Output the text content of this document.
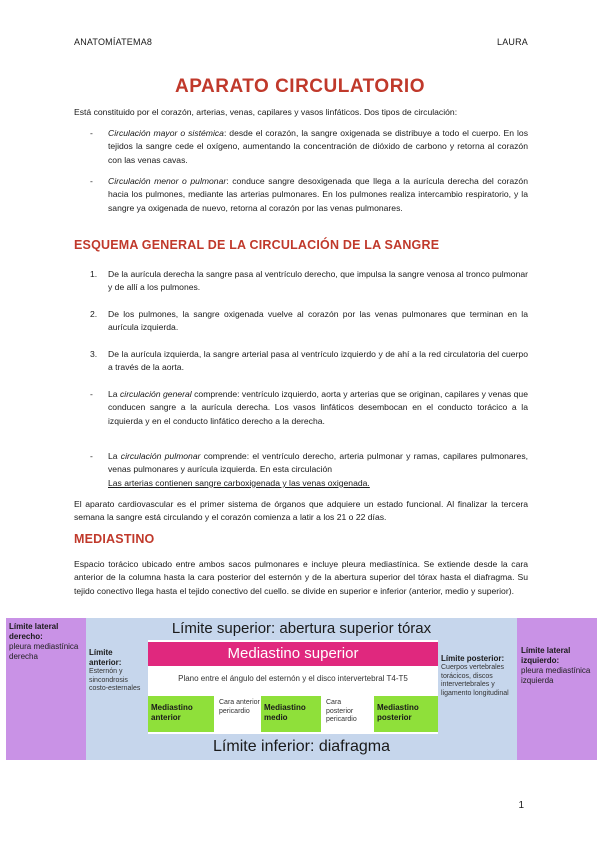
ANATOMÍATEMA8	LAURA
APARATO CIRCULATORIO
Está constituido por el corazón, arterias, venas, capilares y vasos linfáticos. Dos tipos de circulación:
-	Circulación mayor o sistémica: desde el corazón, la sangre oxigenada se distribuye a todo el cuerpo. En los tejidos la sangre cede el oxígeno, aumentando la concentración de dióxido de carbono y retorna al corazón con las venas cavas.
-	Circulación menor o pulmonar: conduce sangre desoxigenada que llega a la aurícula derecha del corazón hacia los pulmones, mediante las arterias pulmonares. En los pulmones realiza intercambio respiratorio, y la sangre ya oxigenada de nuevo, retorna al corazón por las venas pulmonares.
ESQUEMA GENERAL DE LA CIRCULACIÓN DE LA SANGRE
1. De la aurícula derecha la sangre pasa al ventrículo derecho, que impulsa la sangre venosa al tronco pulmonar y de allí a los pulmones.
2. De los pulmones, la sangre oxigenada vuelve al corazón por las venas pulmonares que terminan en la aurícula izquierda.
3. De la aurícula izquierda, la sangre arterial pasa al ventrículo izquierdo y de ahí a la red circulatoria del cuerpo a través de la aorta.
-	La circulación general comprende: ventrículo izquierdo, aorta y arterias que se originan, capilares y venas que conducen sangre a la aurícula derecha. Los vasos linfáticos desembocan en el conducto torácico a la izquierda y en el conducto linfático derecho a la derecha.
-	La circulación pulmonar comprende: el ventrículo derecho, arteria pulmonar y ramas, capilares pulmonares, venas pulmonares y aurícula izquierda. En esta circulación
Las arterias contienen sangre carboxigenada y las venas oxigenada.
El aparato cardiovascular es el primer sistema de órganos que adquiere un estado funcional. Al finalizar la tercera semana la sangre está circulando y el corazón comienza a latir a los 21 o 22 días.
MEDIASTINO
Espacio torácico ubicado entre ambos sacos pulmonares e incluye pleura mediastínica. Se extiende desde la cara anterior de la columna hasta la cara posterior del esternón y de la abertura superior del tórax hasta el diafragma. Su tejido conectivo llega hasta el tejido conectivo del cuello. se divide en superior e inferior (anterior, medio y superior).
Límite lateral derecho:
pleura mediastínica derecha
Límite lateral izquierdo:
pleura mediastínica izquierda
Límite superior: abertura superior tórax
Límite inferior: diafragma
Límite anterior:
Esternón y sincondrosis costo-esternales
Límite posterior:
Cuerpos vertebrales torácicos, discos intervertebrales y ligamento longitudinal
Mediastino superior
Plano entre el ángulo del esternón y el disco intervertebral T4-T5
Mediastino anterior
Cara anterior pericardio	Mediastino medio
Cara posterior pericardio
Mediastino posterior
1
